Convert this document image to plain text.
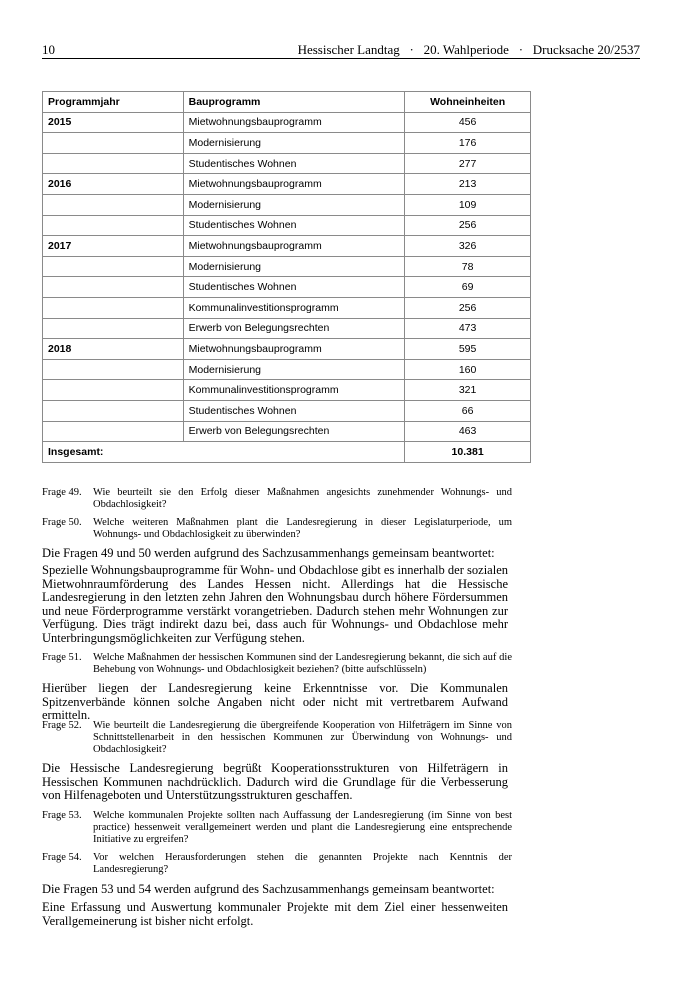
10	Hessischer Landtag   ·   20. Wahlperiode   ·   Drucksache 20/2537
Programmjahr	Bauprogramm	Wohneinheiten
2015	Mietwohnungsbauprogramm	456
	Modernisierung	176
	Studentisches Wohnen	277
2016	Mietwohnungsbauprogramm	213
	Modernisierung	109
	Studentisches Wohnen	256
2017	Mietwohnungsbauprogramm	326
	Modernisierung	78
	Studentisches Wohnen	69
	Kommunalinvestitionsprogramm	256
	Erwerb von Belegungsrechten	473
2018	Mietwohnungsbauprogramm	595
	Modernisierung	160
	Kommunalinvestitionsprogramm	321
	Studentisches Wohnen	66
	Erwerb von Belegungsrechten	463
Insgesamt:		10.381
Frage 49. Wie beurteilt sie den Erfolg dieser Maßnahmen angesichts zunehmender Wohnungs- und Obdachlosigkeit?
Frage 50. Welche weiteren Maßnahmen plant die Landesregierung in dieser Legislaturperiode, um Wohnungs- und Obdachlosigkeit zu überwinden?
Die Fragen 49 und 50 werden aufgrund des Sachzusammenhangs gemeinsam beantwortet:
Spezielle Wohnungsbauprogramme für Wohn- und Obdachlose gibt es innerhalb der sozialen Mietwohnraumförderung des Landes Hessen nicht. Allerdings hat die Hessische Landesregierung in den letzten zehn Jahren den Wohnungsbau durch höhere Fördersummen und neue Förderprogramme verstärkt vorangetrieben. Dadurch stehen mehr Wohnungen zur Verfügung. Dies trägt indirekt dazu bei, dass auch für Wohnungs- und Obdachlose mehr Unterbringungsmöglichkeiten zur Verfügung stehen.
Frage 51. Welche Maßnahmen der hessischen Kommunen sind der Landesregierung bekannt, die sich auf die Behebung von Wohnungs- und Obdachlosigkeit beziehen? (bitte aufschlüsseln)
Hierüber liegen der Landesregierung keine Erkenntnisse vor. Die Kommunalen Spitzenverbände können solche Angaben nicht oder nicht mit vertretbarem Aufwand ermitteln.
Frage 52. Wie beurteilt die Landesregierung die übergreifende Kooperation von Hilfeträgern im Sinne von Schnittstellenarbeit in den hessischen Kommunen zur Überwindung von Wohnungs- und Obdachlosigkeit?
Die Hessische Landesregierung begrüßt Kooperationsstrukturen von Hilfeträgern in Hessischen Kommunen nachdrücklich. Dadurch wird die Grundlage für die Verbesserung von Hilfenageboten und Unterstützungsstrukturen geschaffen.
Frage 53. Welche kommunalen Projekte sollten nach Auffassung der Landesregierung (im Sinne von best practice) hessenweit verallgemeinert werden und plant die Landesregierung eine entsprechende Initiative zu ergreifen?
Frage 54. Vor welchen Herausforderungen stehen die genannten Projekte nach Kenntnis der Landesregierung?
Die Fragen 53 und 54 werden aufgrund des Sachzusammenhangs gemeinsam beantwortet:
Eine Erfassung und Auswertung kommunaler Projekte mit dem Ziel einer hessenweiten Verallgemeinerung ist bisher nicht erfolgt.
